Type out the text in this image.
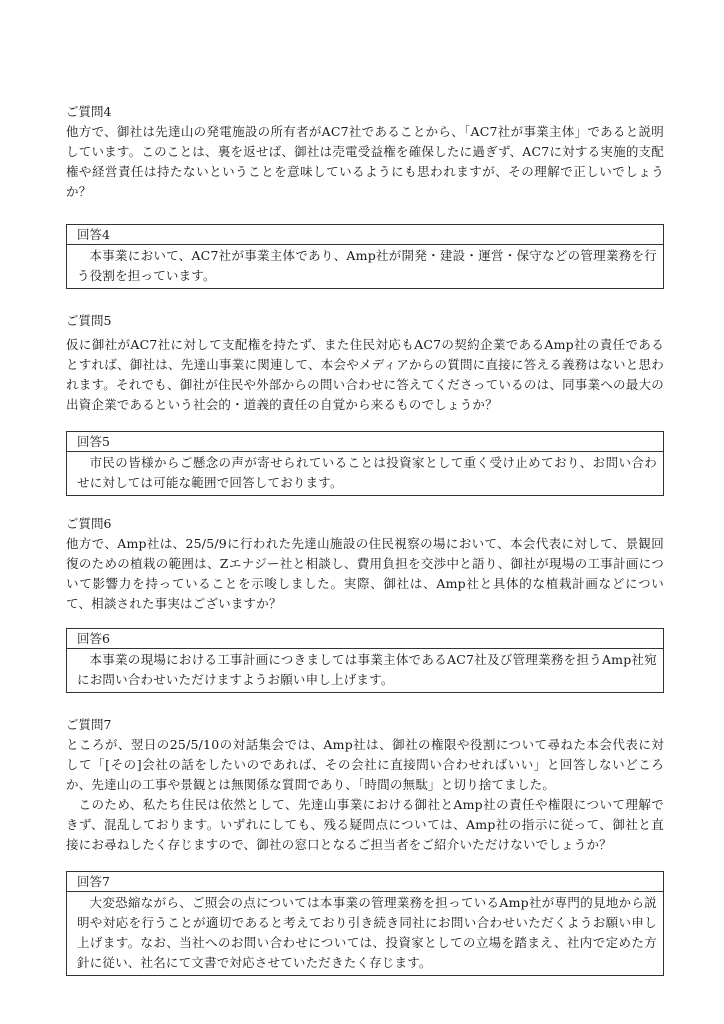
ご質問4
他方で、御社は先達山の発電施設の所有者がAC7社であることから、「AC7社が事業主体」であると説明しています。このことは、裏を返せば、御社は売電受益権を確保したに過ぎず、AC7に対する実施的支配権や経営責任は持たないということを意味しているようにも思われますが、その理解で正しいでしょうか？
回答4
本事業において、AC7社が事業主体であり、Amp社が開発・建設・運営・保守などの管理業務を行う役割を担っています。
ご質問5
仮に御社がAC7社に対して支配権を持たず、また住民対応もAC7の契約企業であるAmp社の責任であるとすれば、御社は、先達山事業に関連して、本会やメディアからの質問に直接に答える義務はないと思われます。それでも、御社が住民や外部からの問い合わせに答えてくださっているのは、同事業への最大の出資企業であるという社会的・道義的責任の自覚から来るものでしょうか？
回答5
市民の皆様からご懸念の声が寄せられていることは投資家として重く受け止めており、お問い合わせに対しては可能な範囲で回答しております。
ご質問6
他方で、Amp社は、25/5/9に行われた先達山施設の住民視察の場において、本会代表に対して、景観回復のための植栽の範囲は、Zエナジー社と相談し、費用負担を交渉中と語り、御社が現場の工事計画について影響力を持っていることを示唆しました。実際、御社は、Amp社と具体的な植栽計画などについて、相談された事実はございますか？
回答6
本事業の現場における工事計画につきましては事業主体であるAC7社及び管理業務を担うAmp社宛にお問い合わせいただけますようお願い申し上げます。
ご質問7

ところが、翌日の25/5/10の対話集会では、Amp社は、御社の権限や役割について尋ねた本会代表に対して「[その]会社の話をしたいのであれば、その会社に直接問い合わせればいい」と回答しないどころか、先達山の工事や景観とは無関係な質問であり、「時間の無駄」と切り捨てました。

このため、私たち住民は依然として、先達山事業における御社とAmp社の責任や権限について理解できず、混乱しております。いずれにしても、残る疑問点については、Amp社の指示に従って、御社と直接にお尋ねしたく存じますので、御社の窓口となるご担当者をご紹介いただけないでしょうか？

回答7
大変恐縮ながら、ご照会の点については本事業の管理業務を担っているAmp社が専門的見地から説明や対応を行うことが適切であると考えており引き続き同社にお問い合わせいただくようお願い申し上げます。なお、当社へのお問い合わせについては、投資家としての立場を踏まえ、社内で定めた方針に従い、社名にて文書で対応させていただきたく存じます。
